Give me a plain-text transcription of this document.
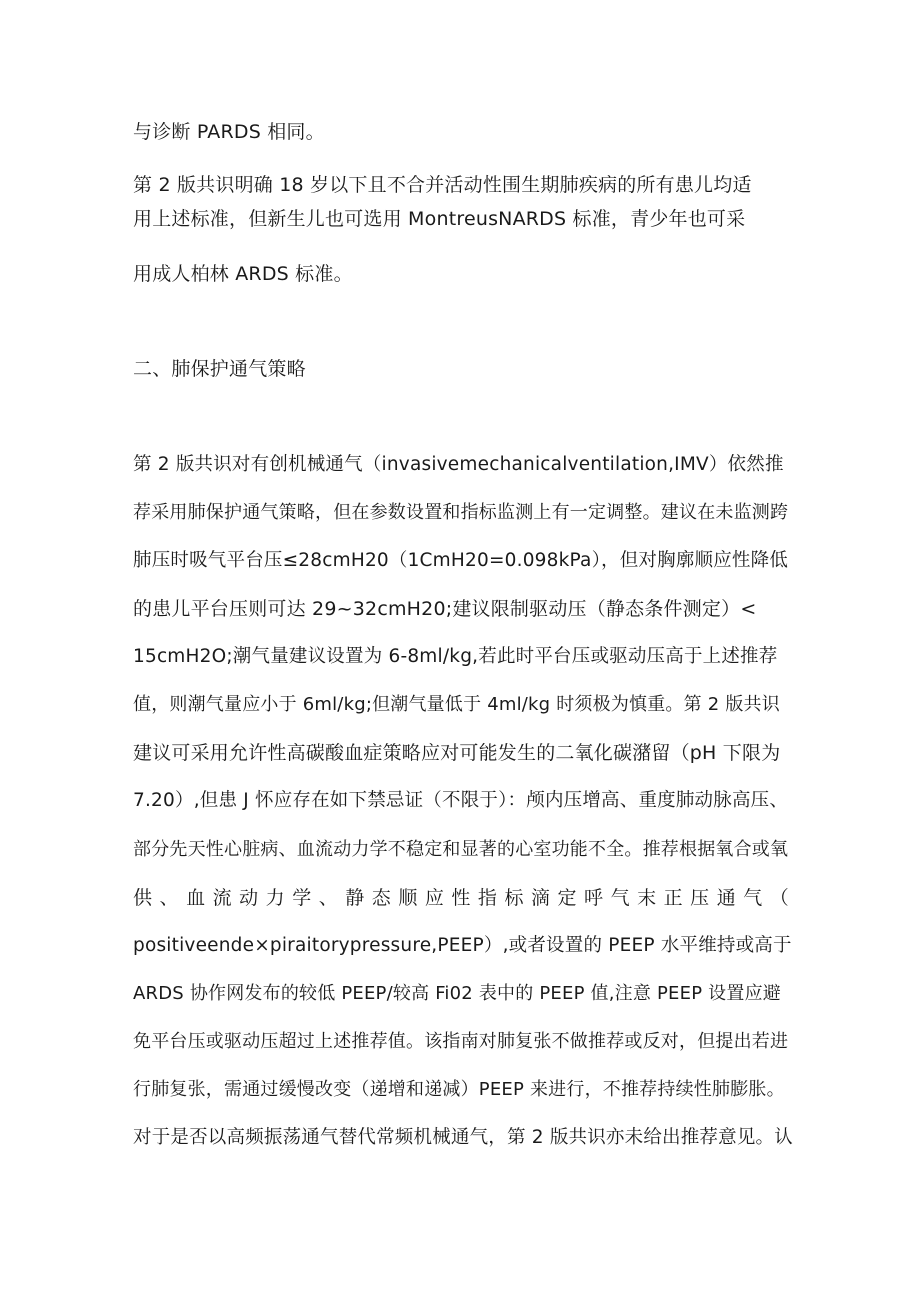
与诊断 PARDS 相同。
第 2 版共识明确 18 岁以下且不合并活动性围生期肺疾病的所有患儿均适
用上述标准，但新生儿也可选用 MontreusNARDS 标准，青少年也可采
用成人柏林 ARDS 标准。
二、肺保护通气策略
第 2 版共识对有创机械通气（invasivemechanicalventilation,IMV）依然推
荐采用肺保护通气策略，但在参数设置和指标监测上有一定调整。建议在未监测跨
肺压时吸气平台压≤28cmH20（1CmH20=0.098kPa），但对胸廓顺应性降低
的患儿平台压则可达 29~32cmH20;建议限制驱动压（静态条件测定）<
15cmH2O;潮气量建议设置为 6-8ml/kg,若此时平台压或驱动压高于上述推荐
值，则潮气量应小于 6ml/kg;但潮气量低于 4ml/kg 时须极为慎重。第 2 版共识
建议可采用允许性高碳酸血症策略应对可能发生的二氧化碳潴留（pH 下限为
7.20）,但患 J 怀应存在如下禁忌证（不限于）：颅内压增高、重度肺动脉高压、
部分先天性心脏病、血流动力学不稳定和显著的心室功能不全。推荐根据氧合或氧
供、血流动力学、静态顺应性指标滴定呼气末正压通气（
positiveende×piraitorypressure,PEEP）,或者设置的 PEEP 水平维持或高于
ARDS 协作网发布的较低 PEEP/较高 Fi02 表中的 PEEP 值,注意 PEEP 设置应避
免平台压或驱动压超过上述推荐值。该指南对肺复张不做推荐或反对，但提出若进
行肺复张，需通过缓慢改变（递增和递减）PEEP 来进行，不推荐持续性肺膨胀。
对于是否以高频振荡通气替代常频机械通气，第 2 版共识亦未给出推荐意见。认
